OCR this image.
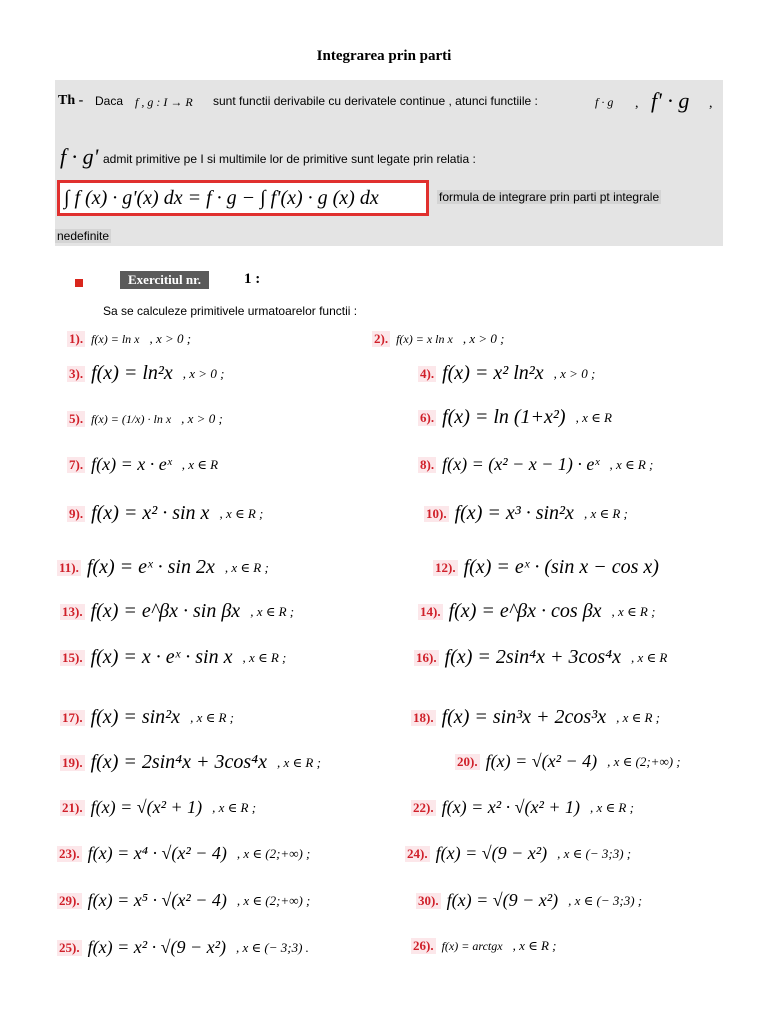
Integrarea prin parti
Th - Daca f , g : I → R sunt functii derivabile cu derivatele continue , atunci functiile :	f · g , f' · g ,
f · g' admit primitive pe I si multimile lor de primitive sunt legate prin relatia :
∫ f (x) · g'(x) dx = f · g − ∫ f'(x) · g (x) dx	formula de integrare prin parti pt integrale
nedefinite
Exercitiul nr.	1 :
Sa se calculeze primitivele urmatoarelor functii :
1). f(x) = ln x , x > 0 ;	2). f(x) = x ln x , x > 0 ;
3). f(x) = ln²x , x > 0 ;	4). f(x) = x² ln²x , x > 0 ;
5). f(x) = (1/x) · ln x , x > 0 ;	6). f(x) = ln (1+x²) , x ∈ R
7). f(x) = x · eˣ , x ∈ R	8). f(x) = (x² − x − 1) · eˣ , x ∈ R ;
9). f(x) = x² · sin x , x ∈ R ;	10). f(x) = x³ · sin²x , x ∈ R ;
11). f(x) = eˣ · sin 2x , x ∈ R ;	12). f(x) = eˣ · (sin x − cos x)
13). f(x) = e^βx · sin βx , x ∈ R ;	14). f(x) = e^βx · cos βx , x ∈ R ;
15). f(x) = x · eˣ · sin x , x ∈ R ;	16). f(x) = 2sin⁴x + 3cos⁴x , x ∈ R
17). f(x) = sin²x , x ∈ R ;	18). f(x) = sin³x + 2cos³x , x ∈ R ;
19). f(x) = 2sin⁴x + 3cos⁴x , x ∈ R ;	20). f(x) = √(x² − 4) , x ∈ (2;+∞) ;
21). f(x) = √(x² + 1) , x ∈ R ;	22). f(x) = x² · √(x² + 1) , x ∈ R ;
23). f(x) = x⁴ · √(x² − 4) , x ∈ (2;+∞) ;	24). f(x) = √(9 − x²) , x ∈ (− 3;3) ;
29). f(x) = x⁵ · √(x² − 4) , x ∈ (2;+∞) ;	30). f(x) = √(9 − x²) , x ∈ (− 3;3) ;
25). f(x) = x² · √(9 − x²) , x ∈ (− 3;3) .	26). f(x) = arctgx , x ∈ R ;
